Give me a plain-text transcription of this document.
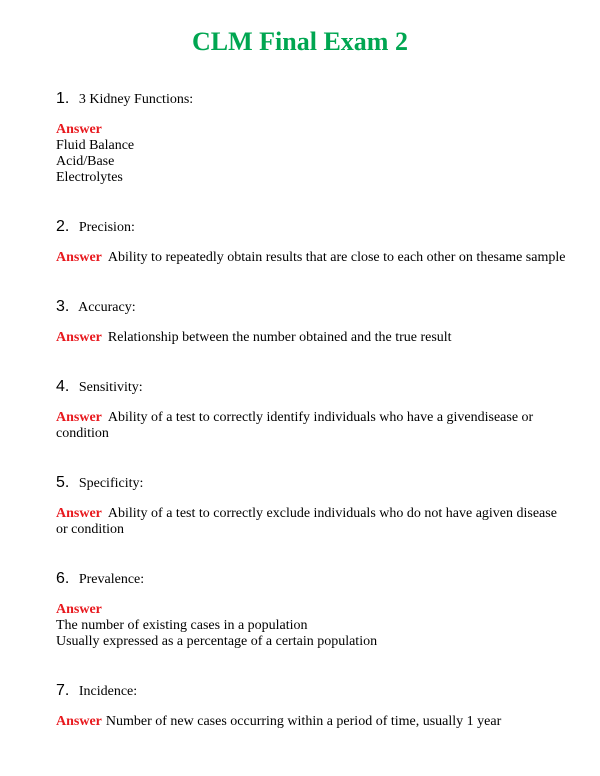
CLM Final Exam 2
1. 3 Kidney Functions:
Answer
Fluid Balance
Acid/Base
Electrolytes
2. Precision:
Answer Ability to repeatedly obtain results that are close to each other on thesame sample
3. Accuracy:
Answer Relationship between the number obtained and the true result
4. Sensitivity:
Answer Ability of a test to correctly identify individuals who have a givendisease or
condition
5. Specificity:
Answer Ability of a test to correctly exclude individuals who do not have agiven disease
or condition
6. Prevalence:
Answer
The number of existing cases in a population
Usually expressed as a percentage of a certain population
7. Incidence:
Answer Number of new cases occurring within a period of time, usually 1 year
